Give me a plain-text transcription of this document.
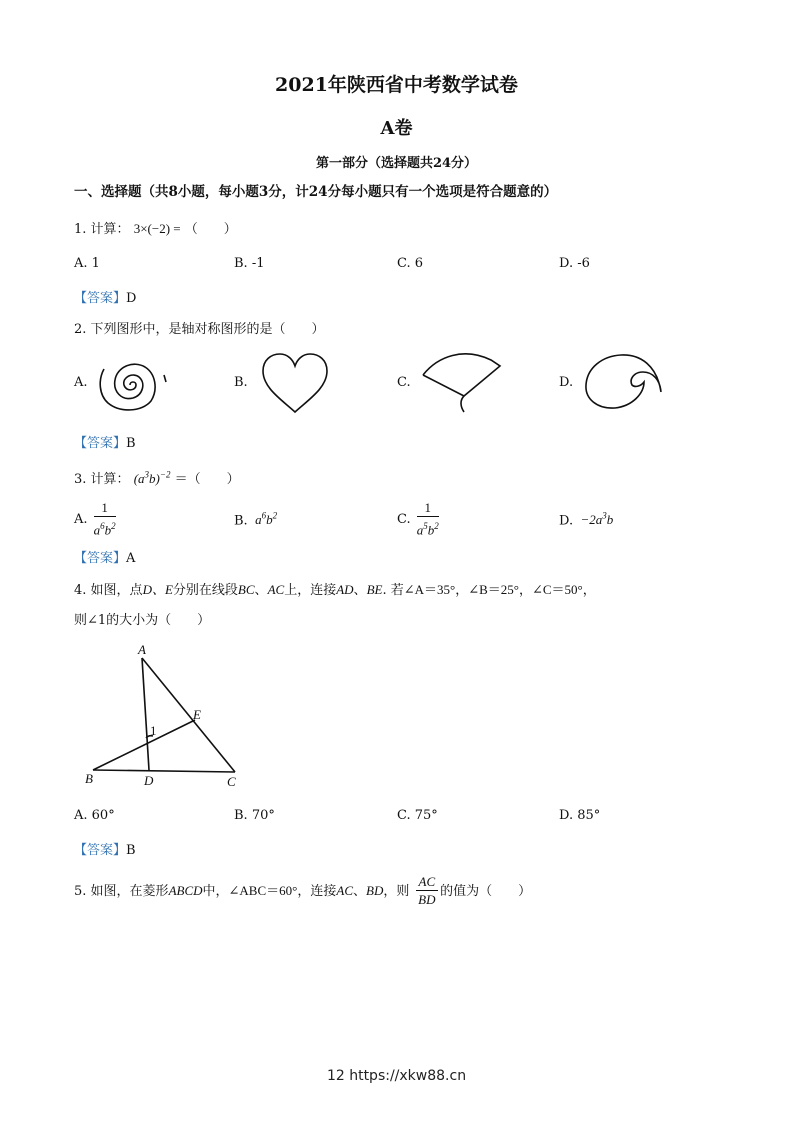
2021年陕西省中考数学试卷
A卷
第一部分（选择题共24分）
一、选择题（共8小题，每小题3分，计24分每小题只有一个选项是符合题意的）
1. 计算： 3×(−2) = （　　）
A. 1	B. -1	C. 6	D. -6
【答案】D
2. 下列图形中，是轴对称图形的是（　　）
A.	B.	C.	D.
【答案】B
3. 计算： $(a^3b)^{-2}$ ＝（　　）
A. $\frac{1}{a^6b^2}$	B.  $a^6b^2$	C. $\frac{1}{a^5b^2}$	D. $-2a^3b$
【答案】A
4. 如图，点D、E分别在线段BC、AC上，连接AD、BE. 若∠A＝35°，∠B＝25°，∠C＝50°，
则∠1的大小为（　　）
A
B	C
D
E
1
A. 60°	B. 70°	C. 75°	D. 85°
【答案】B
5. 如图，在菱形ABCD中，∠ABC＝60°，连接AC、BD，则 $\frac{AC}{BD}$ 的值为（　　）
12 https://xkw88.cn
